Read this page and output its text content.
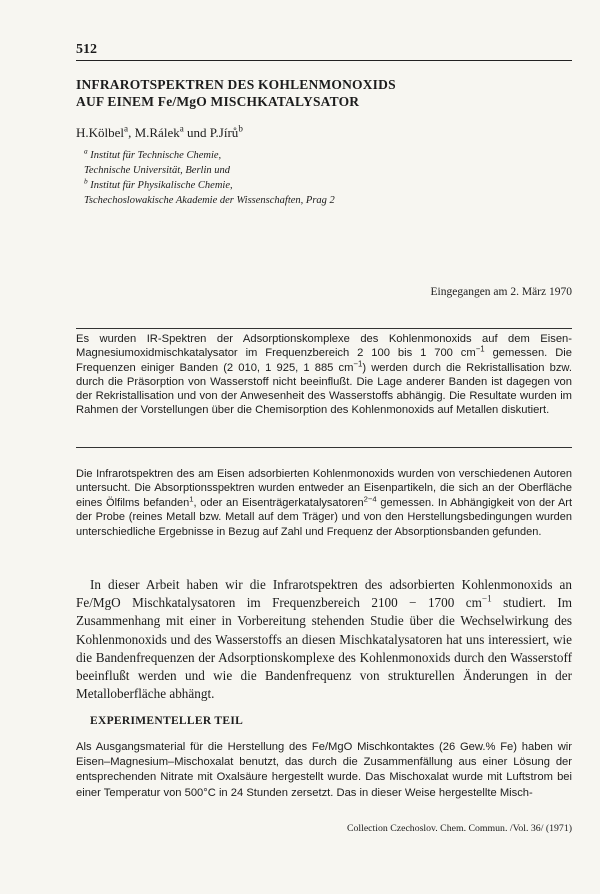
512
INFRAROTSPEKTREN DES KOHLENMONOXIDS
AUF EINEM Fe/MgO MISCHKATALYSATOR
H.Kölbel$^a$, M.Rálek$^a$ und P.Jírů$^b$
$^a$ Institut für Technische Chemie,
Technische Universität, Berlin und
$^b$ Institut für Physikalische Chemie,
Tschechoslowakische Akademie der Wissenschaften, Prag 2
Eingegangen am 2. März 1970
Es wurden IR-Spektren der Adsorptionskomplexe des Kohlenmonoxids auf dem Eisen-Magnesiumoxidmischkatalysator im Frequenzbereich 2 100 bis 1 700 $cm^{-1}$ gemessen. Die Frequenzen einiger Banden (2 010, 1 925, 1 885 $cm^{-1}$) werden durch die Rekristallisation bzw. durch die Präsorption von Wasserstoff nicht beeinflußt. Die Lage anderer Banden ist dagegen von der Rekristallisation und von der Anwesenheit des Wasserstoffs abhängig. Die Resultate wurden im Rahmen der Vorstellungen über die Chemisorption des Kohlenmonoxids auf Metallen diskutiert.
Die Infrarotspektren des am Eisen adsorbierten Kohlenmonoxids wurden von verschiedenen Autoren untersucht. Die Absorptionsspektren wurden entweder an Eisenpartikeln, die sich an der Oberfläche eines Ölfilms befanden$^1$, oder an Eisenträgerkatalysatoren$^{2-4}$ gemessen. In Abhängigkeit von der Art der Probe (reines Metall bzw. Metall auf dem Träger) und von den Herstellungsbedingungen wurden unterschiedliche Ergebnisse in Bezug auf Zahl und Frequenz der Absorptionsbanden gefunden.
In dieser Arbeit haben wir die Infrarotspektren des adsorbierten Kohlenmonoxids an Fe/MgO Mischkatalysatoren im Frequenzbereich 2100 − 1700 $cm^{-1}$ studiert. Im Zusammenhang mit einer in Vorbereitung stehenden Studie über die Wechselwirkung des Kohlenmonoxids und des Wasserstoffs an diesen Mischkatalysatoren hat uns interessiert, wie die Bandenfrequenzen der Adsorptionskomplexe des Kohlenmonoxids durch den Wasserstoff beeinflußt werden und wie die Bandenfrequenz von strukturellen Änderungen in der Metalloberfläche abhängt.
EXPERIMENTELLER TEIL
Als Ausgangsmaterial für die Herstellung des Fe/MgO Mischkontaktes (26 Gew.% Fe) haben wir Eisen–Magnesium–Mischoxalat benutzt, das durch die Zusammenfällung aus einer Lösung der entsprechenden Nitrate mit Oxalsäure hergestellt wurde. Das Mischoxalat wurde mit Luftstrom bei einer Temperatur von 500°C in 24 Stunden zersetzt. Das in dieser Weise hergestellte Misch-
Collection Czechoslov. Chem. Commun. /Vol. 36/ (1971)
